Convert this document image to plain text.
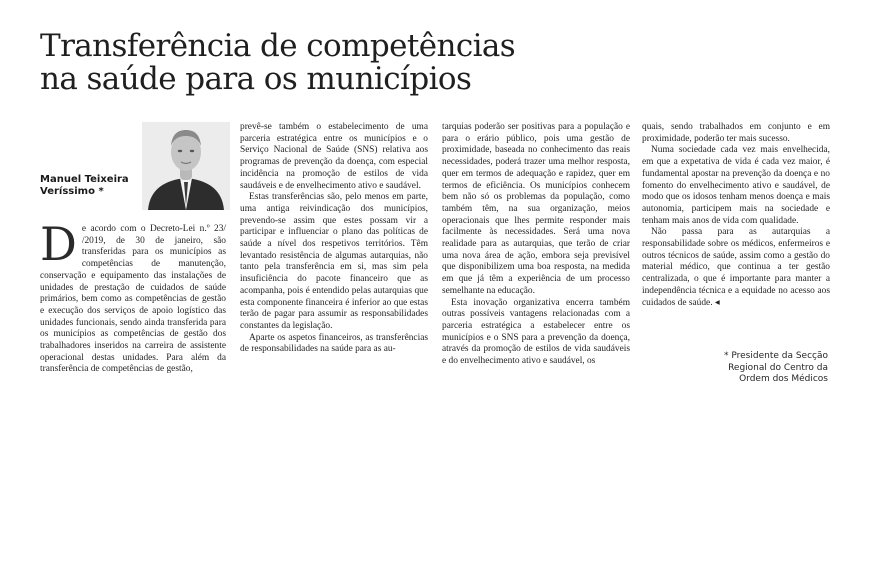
Transferência de competências
na saúde para os municípios
Manuel Teixeira
Veríssimo *

De acordo com o Decreto-Lei n.º 23/ /2019, de 30 de janeiro, são transferidas para os municípios as competências de manutenção, conservação e equipamento das instalações de unidades de prestação de cuidados de saúde primários, bem como as competências de gestão e execução dos serviços de apoio logístico das unidades funcionais, sendo ainda transferida para os municípios as competências de gestão dos trabalhadores inseridos na carreira de assistente operacional destas unidades. Para além da transferência de competências de gestão,

prevê-se também o estabelecimento de uma parceria estratégica entre os municípios e o Serviço Nacional de Saúde (SNS) relativa aos programas de prevenção da doença, com especial incidência na promoção de estilos de vida saudáveis e de envelhecimento ativo e saudável.

Estas transferências são, pelo menos em parte, uma antiga reivindicação dos municípios, prevendo-se assim que estes possam vir a participar e influenciar o plano das políticas de saúde a nível dos respetivos territórios. Têm levantado resistência de algumas autarquias, não tanto pela transferência em si, mas sim pela insuficiência do pacote financeiro que as acompanha, pois é entendido pelas autarquias que esta componente financeira é inferior ao que estas terão de pagar para assumir as responsabilidades constantes da legislação.

Aparte os aspetos financeiros, as transferências de responsabilidades na saúde para as au-

tarquias poderão ser positivas para a população e para o erário público, pois uma gestão de proximidade, baseada no conhecimento das reais necessidades, poderá trazer uma melhor resposta, quer em termos de adequação e rapidez, quer em termos de eficiência. Os municípios conhecem bem não só os problemas da população, como também têm, na sua organização, meios operacionais que lhes permite responder mais facilmente às necessidades. Será uma nova realidade para as autarquias, que terão de criar uma nova área de ação, embora seja previsível que disponibilizem uma boa resposta, na medida em que já têm a experiência de um processo semelhante na educação.

Esta inovação organizativa encerra também outras possíveis vantagens relacionadas com a parceria estratégica a estabelecer entre os municípios e o SNS para a prevenção da doença, através da promoção de estilos de vida saudáveis e do envelhecimento ativo e saudável, os

quais, sendo trabalhados em conjunto e em proximidade, poderão ter mais sucesso.

Numa sociedade cada vez mais envelhecida, em que a expetativa de vida é cada vez maior, é fundamental apostar na prevenção da doença e no fomento do envelhecimento ativo e saudável, de modo que os idosos tenham menos doença e mais autonomia, participem mais na sociedade e tenham mais anos de vida com qualidade.

Não passa para as autarquias a responsabilidade sobre os médicos, enfermeiros e outros técnicos de saúde, assim como a gestão do material médico, que continua a ter gestão centralizada, o que é importante para manter a independência técnica e a equidade no acesso aos cuidados de saúde. ◂

* Presidente da Secção Regional do Centro da Ordem dos Médicos
